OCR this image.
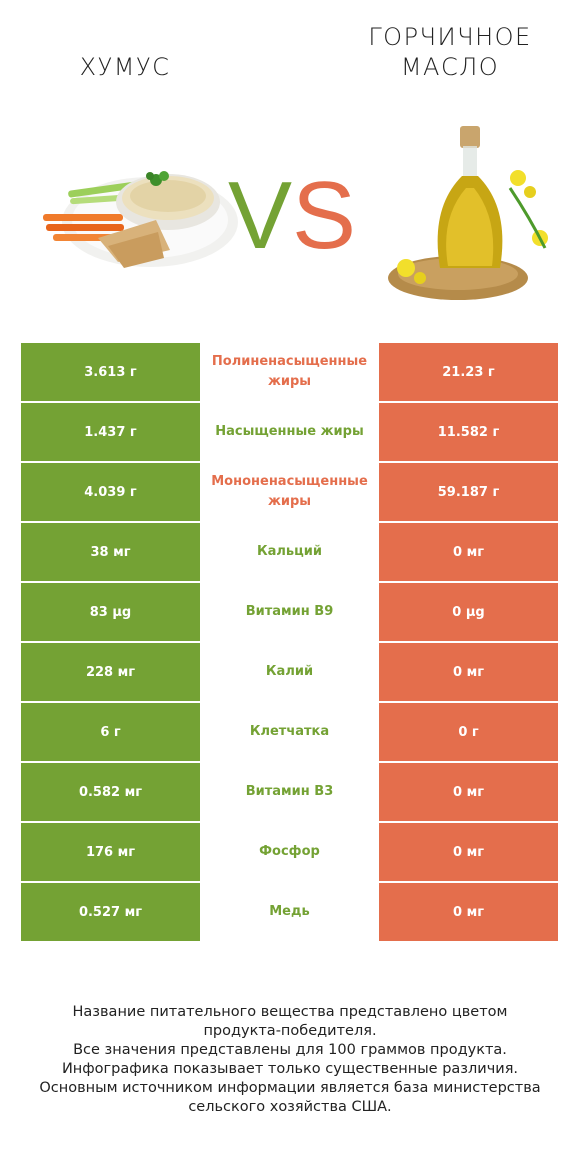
ХУМУС
ГОРЧИЧНОЕ
МАСЛО
V S
3.613 г	Полиненасыщенные жиры	21.23 г
1.437 г	Насыщенные жиры	11.582 г
4.039 г	Мононенасыщенные жиры	59.187 г
38 мг	Кальций	0 мг
83 µg	Витамин B9	0 µg
228 мг	Калий	0 мг
6 г	Клетчатка	0 г
0.582 мг	Витамин B3	0 мг
176 мг	Фосфор	0 мг
0.527 мг	Медь	0 мг
Название питательного вещества представлено цветом
продукта-победителя.
Все значения представлены для 100 граммов продукта.
Инфографика показывает только существенные различия.
Основным источником информации является база министерства
сельского хозяйства США.
